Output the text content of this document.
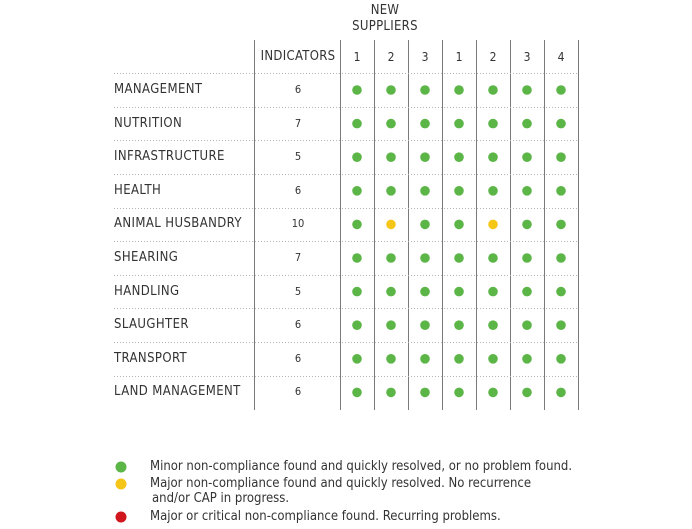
NEW
SUPPLIERS
INDICATORS	1	2	3	1	2	3	4
MANAGEMENT	6
NUTRITION	7
INFRASTRUCTURE	5
HEALTH	6
ANIMAL HUSBANDRY	10
SHEARING	7
HANDLING	5
SLAUGHTER	6
TRANSPORT	6
LAND MANAGEMENT	6
Minor non-compliance found and quickly resolved, or no problem found.
Major non-compliance found and quickly resolved. No recurrence
and/or CAP in progress.
Major or critical non-compliance found. Recurring problems.
